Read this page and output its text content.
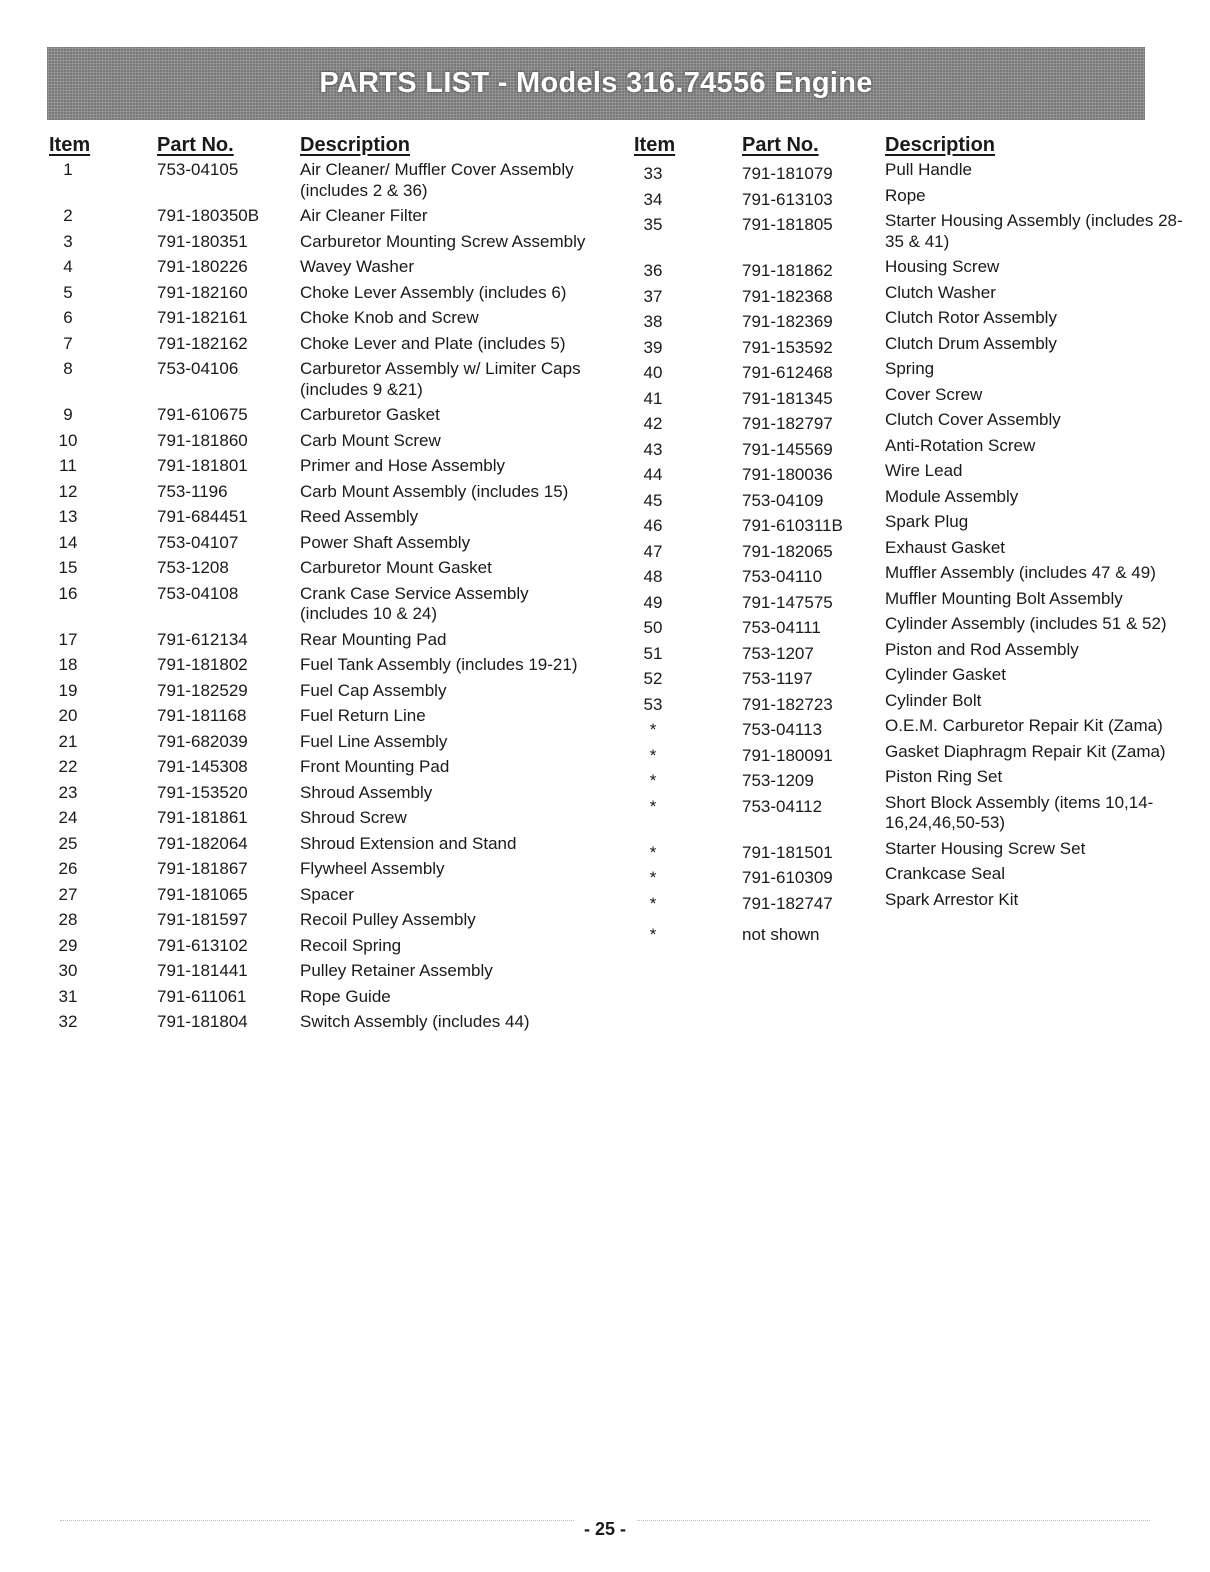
PARTS LIST - Models 316.74556 Engine
Item	Part No.	Description
1	753-04105	Air Cleaner/ Muffler Cover Assembly (includes 2 & 36)
2	791-180350B Air Cleaner Filter
3	791-180351	Carburetor Mounting Screw Assembly
4	791-180226	Wavey Washer
5	791-182160	Choke Lever Assembly (includes 6)
6	791-182161	Choke Knob and Screw
7	791-182162	Choke Lever and Plate (includes 5)
8	753-04106	Carburetor Assembly w/ Limiter Caps (includes 9 &21)
9	791-610675	Carburetor Gasket
10	791-181860	Carb Mount Screw
11	791-181801	Primer and Hose Assembly
12	753-1196	Carb Mount Assembly (includes 15)
13	791-684451	Reed Assembly
14	753-04107	Power Shaft Assembly
15	753-1208	Carburetor Mount Gasket
16	753-04108	Crank Case Service Assembly (includes 10 & 24)
17	791-612134	Rear Mounting Pad
18	791-181802	Fuel Tank Assembly (includes 19-21)
19	791-182529	Fuel Cap Assembly
20	791-181168	Fuel Return Line
21	791-682039	Fuel Line Assembly
22	791-145308	Front Mounting Pad
23	791-153520	Shroud Assembly
24	791-181861	Shroud Screw
25	791-182064	Shroud Extension and Stand
26	791-181867	Flywheel Assembly
27	791-181065	Spacer
28	791-181597	Recoil Pulley Assembly
29	791-613102	Recoil Spring
30	791-181441	Pulley Retainer Assembly
31	791-611061	Rope Guide
32	791-181804	Switch Assembly (includes 44)
Item	Part No.	Description
33	791-181079	Pull Handle
34	791-613103	Rope
35	791-181805	Starter Housing Assembly (includes 28-35 & 41)
36	791-181862	Housing Screw
37	791-182368	Clutch Washer
38	791-182369	Clutch Rotor Assembly
39	791-153592	Clutch Drum Assembly
40	791-612468	Spring
41	791-181345	Cover Screw
42	791-182797	Clutch Cover Assembly
43	791-145569	Anti-Rotation Screw
44	791-180036	Wire Lead
45	753-04109	Module Assembly
46	791-610311B Spark Plug
47	791-182065	Exhaust Gasket
48	753-04110	Muffler Assembly (includes 47 & 49)
49	791-147575	Muffler Mounting Bolt Assembly
50	753-04111	Cylinder Assembly (includes 51 & 52)
51	753-1207	Piston and Rod Assembly
52	753-1197	Cylinder Gasket
53	791-182723	Cylinder Bolt
*	753-04113	O.E.M. Carburetor Repair Kit (Zama)
*	791-180091	Gasket Diaphragm Repair Kit (Zama)
*	753-1209	Piston Ring Set
*	753-04112	Short Block Assembly (items 10,14-16,24,46,50-53)
*	791-181501	Starter Housing Screw Set
*	791-610309	Crankcase Seal
*	791-182747	Spark Arrestor Kit
*	not shown

- 25 -
